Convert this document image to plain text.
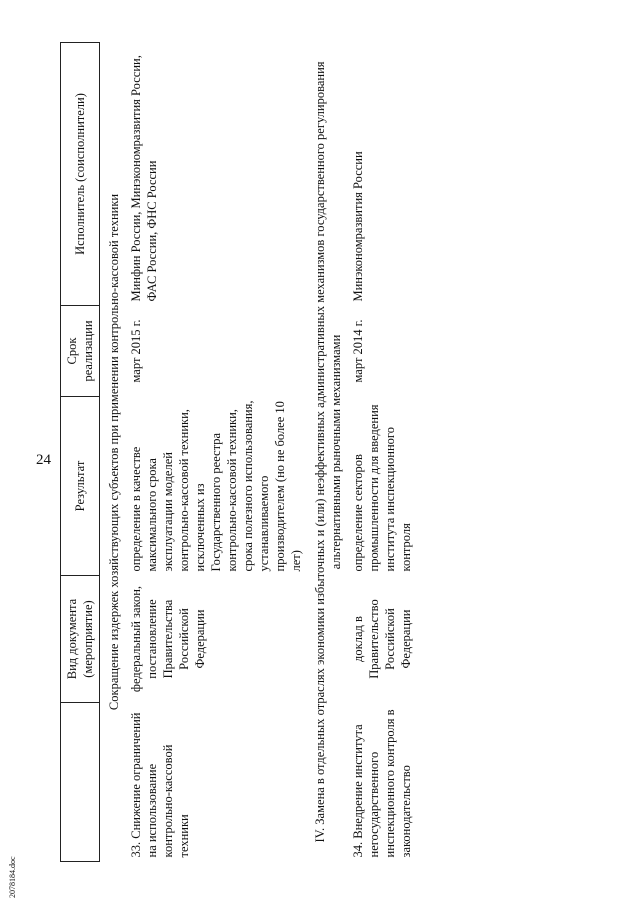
24
2078184.doc
	Вид документа (мероприятие)	Результат	Срок реализации	Исполнитель (соисполнители)
Сокращение издержек хозяйствующих субъектов при применении контрольно-кассовой техники				
33. Снижение ограничений на использование контрольно-кассовой техники	федеральный закон, постановление Правительства Российской Федерации	определение в качестве максимального срока эксплуатации моделей контрольно-кассовой техники, исключенных из Государственного реестра контрольно-кассовой техники, срока полезного использования, устанавливаемого производителем (но не более 10 лет)	март 2015 г.	Минфин России, Минэкономразвития России, ФАС России, ФНС России
IV. Замена в отдельных отраслях экономики избыточных и (или) неэффективных административных механизмов государственного регулирования альтернативными рыночными механизмами				
34. Внедрение института негосударственного инспекционного контроля в законодательство	доклад в Правительство Российской Федерации	определение секторов промышленности для введения института инспекционного контроля	март 2014 г.	Минэкономразвития России
